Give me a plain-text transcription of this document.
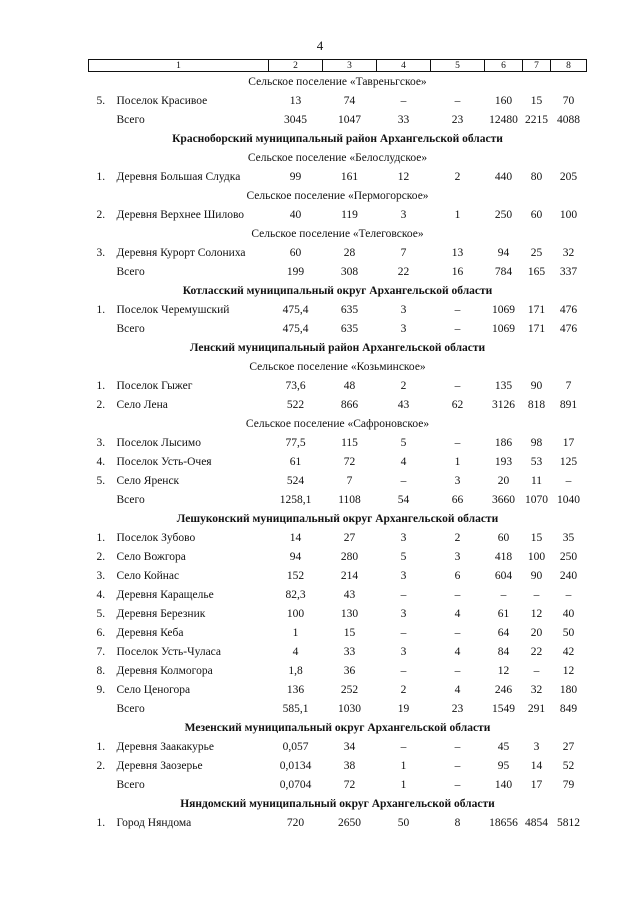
4
1		2	3	4	5	6	7	8
Сельское поселение «Тавреньгское»								
5.	Поселок Красивое	13	74	–	–	160	15	70
	Всего	3045	1047	33	23	12480	2215	4088
Красноборский муниципальный район Архангельской области								
Сельское поселение «Белослудское»								
1.	Деревня Большая Слудка	99	161	12	2	440	80	205
Сельское поселение «Пермогорское»								
2.	Деревня Верхнее Шилово	40	119	3	1	250	60	100
Сельское поселение «Телеговское»								
3.	Деревня Курорт Солониха	60	28	7	13	94	25	32
	Всего	199	308	22	16	784	165	337
Котласский муниципальный округ Архангельской области								
1.	Поселок Черемушский	475,4	635	3	–	1069	171	476
	Всего	475,4	635	3	–	1069	171	476
Ленский муниципальный район Архангельской области								
Сельское поселение «Козьминское»								
1.	Поселок Гыжег	73,6	48	2	–	135	90	7
2.	Село Лена	522	866	43	62	3126	818	891
Сельское поселение «Сафроновское»								
3.	Поселок Лысимо	77,5	115	5	–	186	98	17
4.	Поселок Усть-Очея	61	72	4	1	193	53	125
5.	Село Яренск	524	7	–	3	20	11	–
	Всего	1258,1	1108	54	66	3660	1070	1040
Лешуконский муниципальный округ Архангельской области								
1.	Поселок Зубово	14	27	3	2	60	15	35
2.	Село Вожгора	94	280	5	3	418	100	250
3.	Село Койнас	152	214	3	6	604	90	240
4.	Деревня Каращелье	82,3	43	–	–	–	–	–
5.	Деревня Березник	100	130	3	4	61	12	40
6.	Деревня Кеба	1	15	–	–	64	20	50
7.	Поселок Усть-Чуласа	4	33	3	4	84	22	42
8.	Деревня Колмогора	1,8	36	–	–	12	–	12
9.	Село Ценогора	136	252	2	4	246	32	180
	Всего	585,1	1030	19	23	1549	291	849
Мезенский муниципальный округ Архангельской области								
1.	Деревня Заакакурье	0,057	34	–	–	45	3	27
2.	Деревня Заозерье	0,0134	38	1	–	95	14	52
	Всего	0,0704	72	1	–	140	17	79
Няндомский муниципальный округ Архангельской области								
1.	Город Няндома	720	2650	50	8	18656	4854	5812
